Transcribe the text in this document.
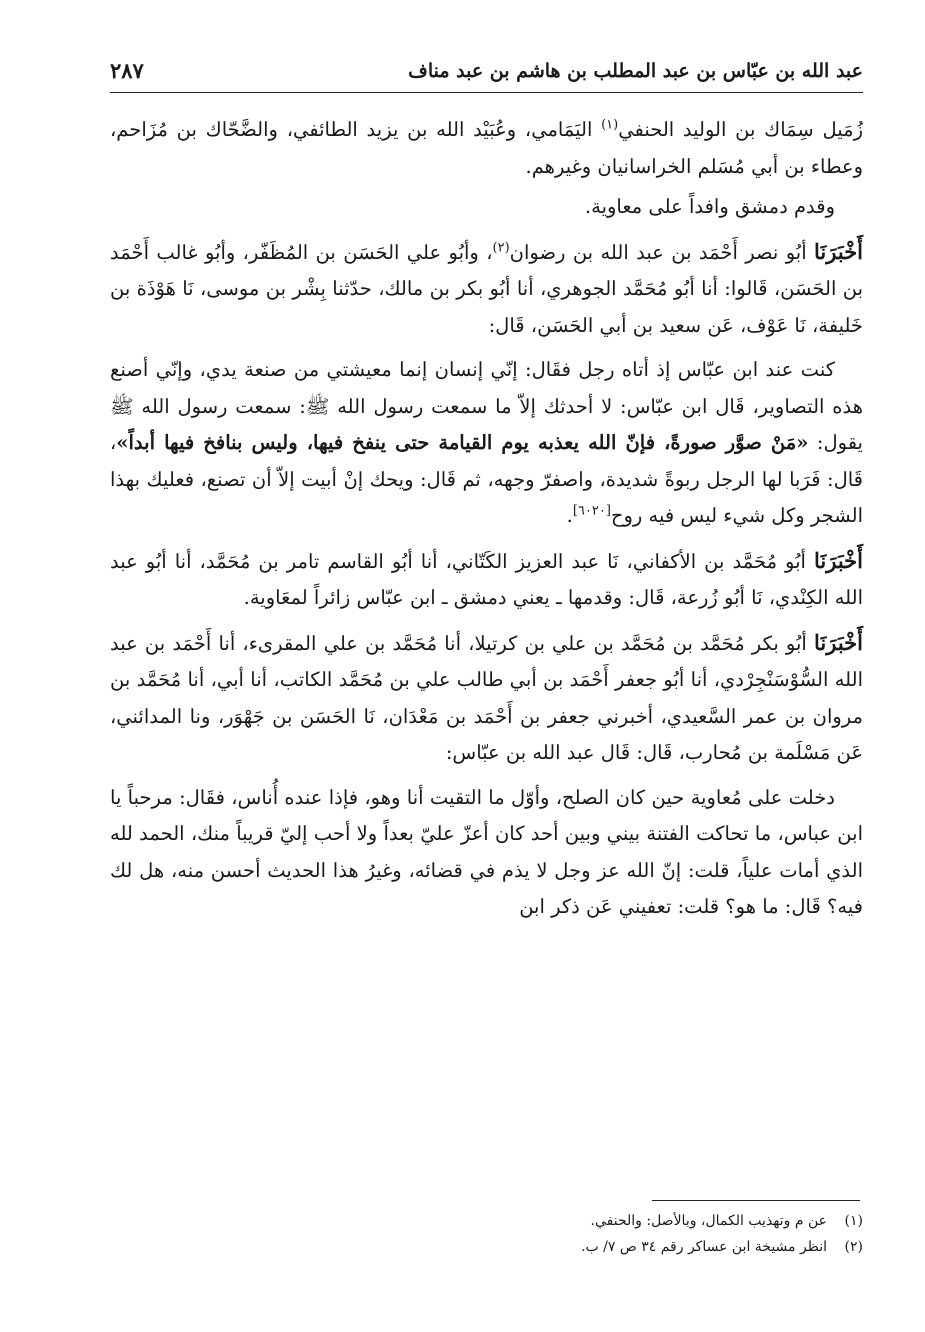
عبد الله بن عبّاس بن عبد المطلب بن هاشم بن عبد مناف
٢٨٧

زُمَيل سِمَاك بن الوليد الحنفي$^{(١)}$ اليَمَامي، وعُبَيْد الله بن يزيد الطائفي، والضَّحّاك بن مُزَاحم، وعطاء بن أبي مُسَلم الخراسانيان وغيرهم.

وقدم دمشق وافداً على معاوية.

أَخْبَرَنَا أبُو نصر أَحْمَد بن عبد الله بن رضوان$^{(٢)}$، وأبُو علي الحَسَن بن المُظَفّر، وأبُو غالب أَحْمَد بن الحَسَن، قَالوا: أنا أبُو مُحَمَّد الجوهري، أنا أبُو بكر بن مالك، حدّثنا بِشْر بن موسى، نَا هَوْذَة بن خَليفة، نَا عَوْف، عَن سعيد بن أبي الحَسَن، قَال:

كنت عند ابن عبّاس إذ أتاه رجل فقَال: إنّي إنسان إنما معيشتي من صنعة يدي، وإنّي أصنع هذه التصاوير، قَال ابن عبّاس: لا أحدثك إلاّ ما سمعت رسول الله ﷺ: سمعت رسول الله ﷺ يقول: «مَنْ صوَّر صورةً، فإنّ الله يعذبه يوم القيامة حتى ينفخ فيها، وليس بنافخ فيها أبداً»، قَال: فَرَبا لها الرجل ربوةً شديدة، واصفرّ وجهه، ثم قَال: ويحك إنْ أبيت إلاّ أن تصنع، فعليك بهذا الشجر وكل شيء ليس فيه روح[٦٠٢٠].

أَخْبَرَنَا أبُو مُحَمَّد بن الأكفاني، نَا عبد العزيز الكَتّاني، أنا أبُو القاسم تامر بن مُحَمَّد، أنا أبُو عبد الله الكِنْدي، نَا أبُو زُرعة، قَال: وقدمها ـ يعني دمشق ـ ابن عبّاس زائراً لمعَاوية.

أَخْبَرَنَا أبُو بكر مُحَمَّد بن مُحَمَّد بن علي بن كرتيلا، أنا مُحَمَّد بن علي المقرىء، أنا أَحْمَد بن عبد الله السُّوْسَنْجِرْدي، أنا أبُو جعفر أَحْمَد بن أبي طالب علي بن مُحَمَّد الكاتب، أنا أبي، أنا مُحَمَّد بن مروان بن عمر السَّعيدي، أخبرني جعفر بن أَحْمَد بن مَعْدَان، نَا الحَسَن بن جَهْوَر، ونا المدائني، عَن مَسْلَمة بن مُحارب، قَال: قَال عبد الله بن عبّاس:

دخلت على مُعاوية حين كان الصلح، وأوّل ما التقيت أنا وهو، فإذا عنده أُناس، فقَال: مرحباً يا ابن عباس، ما تحاكت الفتنة بيني وبين أحد كان أعزّ عليّ بعداً ولا أحب إليّ قريباً منك، الحمد لله الذي أمات علياً، قلت: إنّ الله عز وجل لا يذم في قضائه، وغيرُ هذا الحديث أحسن منه، هل لك فيه؟ قَال: ما هو؟ قلت: تعفيني عَن ذكر ابن

(١)عن م وتهذيب الكمال، وبالأصل: والحنفي.

(٢)انظر مشيخة ابن عساكر رقم ٣٤ ص ٧/ ب.
